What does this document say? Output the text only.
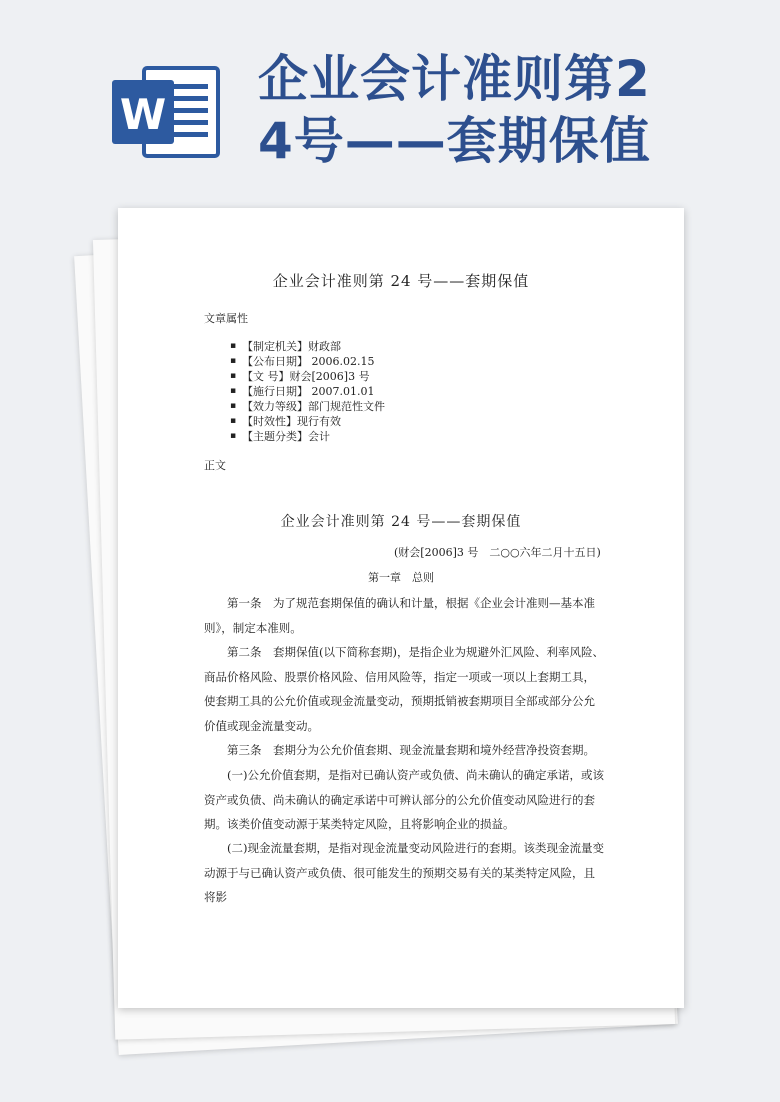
W
企业会计准则第2
4号——套期保值
企业会计准则第 24 号——套期保值
文章属性
▪ 【制定机关】财政部
▪ 【公布日期】 2006.02.15
▪ 【文 号】财会[2006]3 号
▪ 【施行日期】 2007.01.01
▪ 【效力等级】部门规范性文件
▪ 【时效性】现行有效
▪ 【主题分类】会计
正文
企业会计准则第 24 号——套期保值
(财会[2006]3 号　二○○六年二月十五日)
第一章　总则

第一条　为了规范套期保值的确认和计量，根据《企业会计准则—基本准则》，制定本准则。

第二条　套期保值(以下简称套期)，是指企业为规避外汇风险、利率风险、商品价格风险、股票价格风险、信用风险等，指定一项或一项以上套期工具，使套期工具的公允价值或现金流量变动，预期抵销被套期项目全部或部分公允价值或现金流量变动。

第三条　套期分为公允价值套期、现金流量套期和境外经营净投资套期。

(一)公允价值套期，是指对已确认资产或负债、尚未确认的确定承诺，或该资产或负债、尚未确认的确定承诺中可辨认部分的公允价值变动风险进行的套期。该类价值变动源于某类特定风险，且将影响企业的损益。

(二)现金流量套期，是指对现金流量变动风险进行的套期。该类现金流量变动源于与已确认资产或负债、很可能发生的预期交易有关的某类特定风险，且将影
